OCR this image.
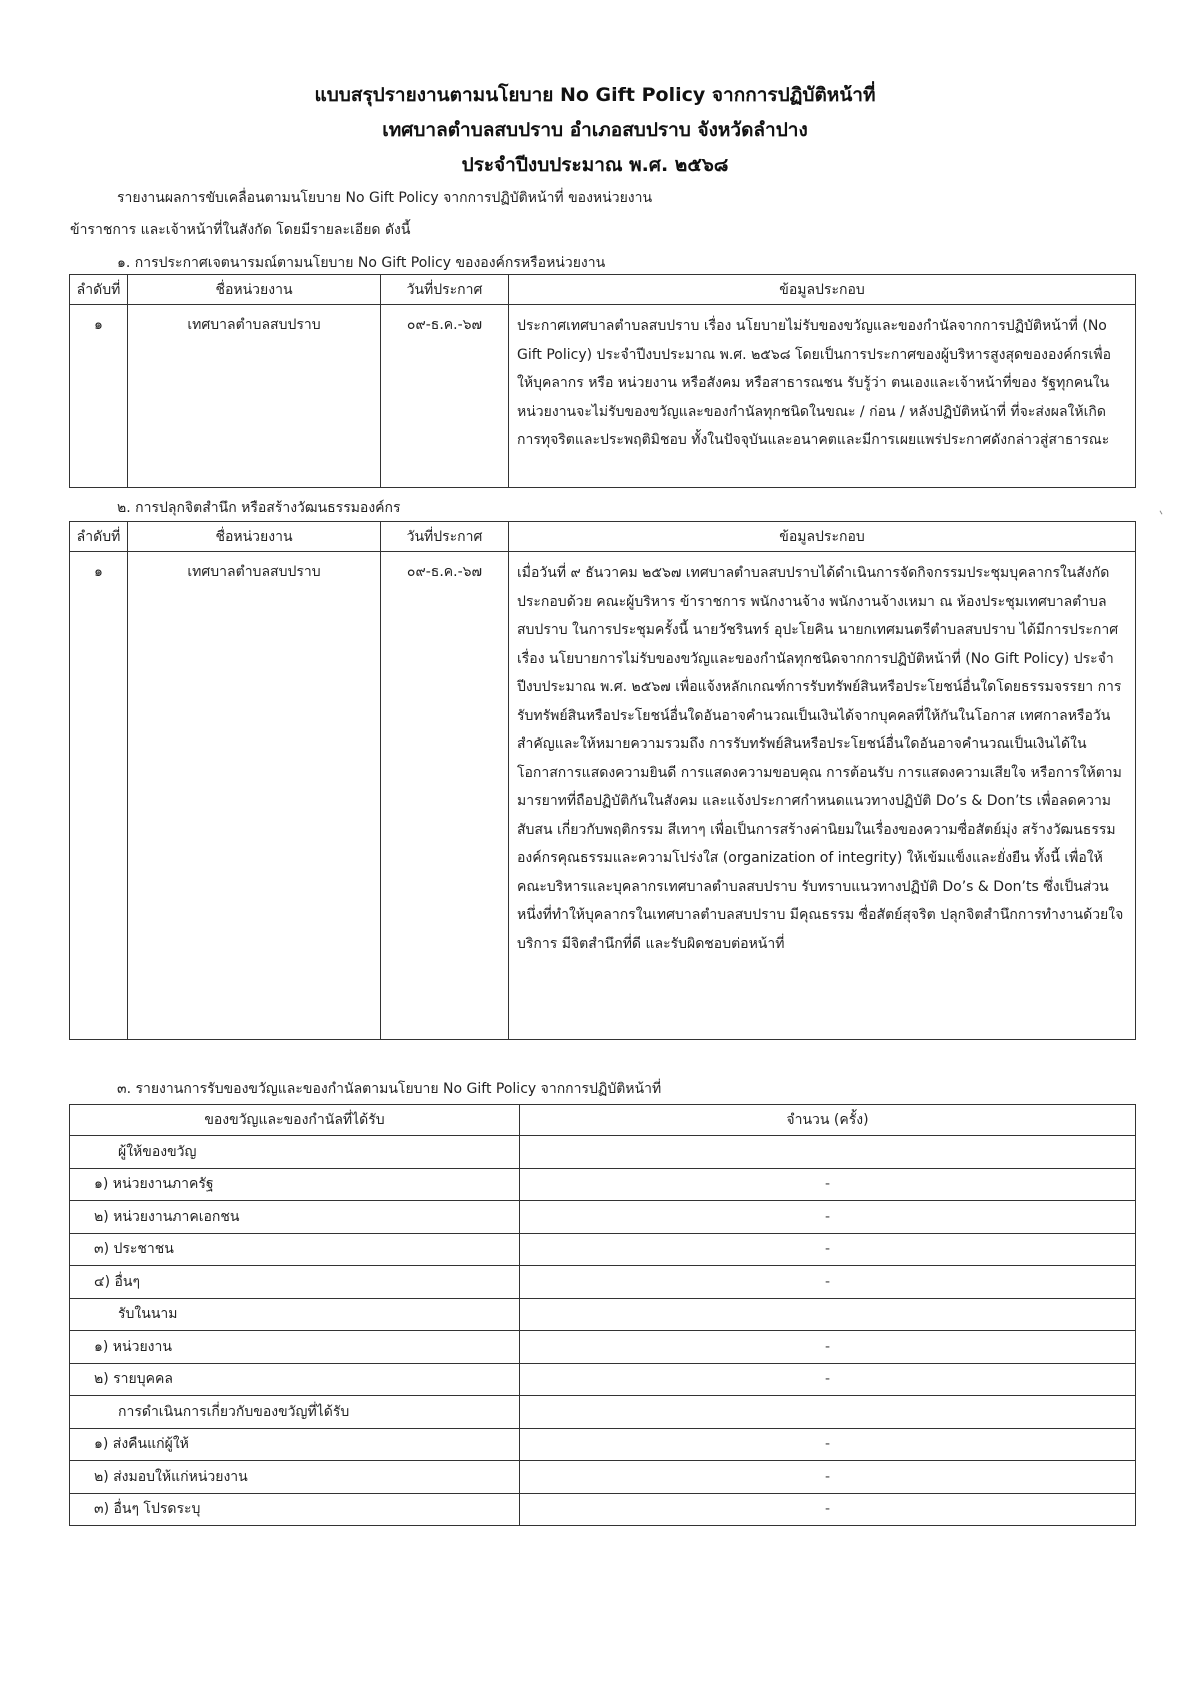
แบบสรุปรายงานตามนโยบาย No Gift Policy จากการปฏิบัติหน้าที่
เทศบาลตำบลสบปราบ อำเภอสบปราบ จังหวัดลำปาง
ประจำปีงบประมาณ พ.ศ. ๒๕๖๘
รายงานผลการขับเคลื่อนตามนโยบาย No Gift Policy จากการปฏิบัติหน้าที่ ของหน่วยงาน
ข้าราชการ และเจ้าหน้าที่ในสังกัด โดยมีรายละเอียด ดังนี้
๑. การประกาศเจตนารมณ์ตามนโยบาย No Gift Policy ขององค์กรหรือหน่วยงาน
ลำดับที่	ชื่อหน่วยงาน	วันที่ประกาศ	ข้อมูลประกอบ
๑	เทศบาลตำบลสบปราบ	๐๙-ธ.ค.-๖๗	ประกาศเทศบาลตำบลสบปราบ เรื่อง นโยบายไม่รับของขวัญและของกำนัลจากการปฏิบัติหน้าที่ (No Gift Policy) ประจำปีงบประมาณ พ.ศ. ๒๕๖๘ โดยเป็นการประกาศของผู้บริหารสูงสุดขององค์กรเพื่อให้บุคลากร หรือ หน่วยงาน หรือสังคม หรือสาธารณชน รับรู้ว่า ตนเองและเจ้าหน้าที่ของ รัฐทุกคนในหน่วยงานจะไม่รับของขวัญและของกำนัลทุกชนิดในขณะ / ก่อน / หลังปฏิบัติหน้าที่ ที่จะส่งผลให้เกิดการทุจริตและประพฤติมิชอบ ทั้งในปัจจุบันและอนาคตและมีการเผยแพร่ประกาศดังกล่าวสู่สาธารณะ
๒. การปลุกจิตสำนึก หรือสร้างวัฒนธรรมองค์กร
ลำดับที่	ชื่อหน่วยงาน	วันที่ประกาศ	ข้อมูลประกอบ
๑	เทศบาลตำบลสบปราบ	๐๙-ธ.ค.-๖๗	เมื่อวันที่ ๙ ธันวาคม ๒๕๖๗ เทศบาลตำบลสบปราบได้ดำเนินการจัดกิจกรรมประชุมบุคลากรในสังกัด ประกอบด้วย คณะผู้บริหาร ข้าราชการ พนักงานจ้าง พนักงานจ้างเหมา ณ ห้องประชุมเทศบาลตำบลสบปราบ ในการประชุมครั้งนี้ นายวัชรินทร์ อุปะโยคิน นายกเทศมนตรีตำบลสบปราบ ได้มีการประกาศ เรื่อง นโยบายการไม่รับของขวัญและของกำนัลทุกชนิดจากการปฏิบัติหน้าที่ (No Gift Policy) ประจำปีงบประมาณ พ.ศ. ๒๕๖๗ เพื่อแจ้งหลักเกณฑ์การรับทรัพย์สินหรือประโยชน์อื่นใดโดยธรรมจรรยา การรับทรัพย์สินหรือประโยชน์อื่นใดอันอาจคำนวณเป็นเงินได้จากบุคคลที่ให้กันในโอกาส เทศกาลหรือวันสำคัญและให้หมายความรวมถึง การรับทรัพย์สินหรือประโยชน์อื่นใดอันอาจคำนวณเป็นเงินได้ในโอกาสการแสดงความยินดี การแสดงความขอบคุณ การต้อนรับ การแสดงความเสียใจ หรือการให้ตามมารยาทที่ถือปฏิบัติกันในสังคม และแจ้งประกาศกำหนดแนวทางปฏิบัติ Do’s & Don’ts เพื่อลดความสับสน เกี่ยวกับพฤติกรรม สีเทาๆ เพื่อเป็นการสร้างค่านิยมในเรื่องของความซื่อสัตย์มุ่ง สร้างวัฒนธรรมองค์กรคุณธรรมและความโปร่งใส (organization of integrity) ให้เข้มแข็งและยั่งยืน ทั้งนี้ เพื่อให้คณะบริหารและบุคลากรเทศบาลตำบลสบปราบ รับทราบแนวทางปฏิบัติ Do’s & Don’ts ซึ่งเป็นส่วนหนึ่งที่ทำให้บุคลากรในเทศบาลตำบลสบปราบ มีคุณธรรม ซื่อสัตย์สุจริต ปลุกจิตสำนึกการทำงานด้วยใจบริการ มีจิตสำนึกที่ดี และรับผิดชอบต่อหน้าที่
๓. รายงานการรับของขวัญและของกำนัลตามนโยบาย No Gift Policy จากการปฏิบัติหน้าที่
ของขวัญและของกำนัลที่ได้รับ	จำนวน (ครั้ง)
ผู้ให้ของขวัญ	
๑) หน่วยงานภาครัฐ	-
๒) หน่วยงานภาคเอกชน	-
๓) ประชาชน	-
๔) อื่นๆ	-
รับในนาม	
๑) หน่วยงาน	-
๒) รายบุคคล	-
การดำเนินการเกี่ยวกับของขวัญที่ได้รับ	
๑) ส่งคืนแก่ผู้ให้	-
๒) ส่งมอบให้แก่หน่วยงาน	-
๓) อื่นๆ โปรดระบุ	-
